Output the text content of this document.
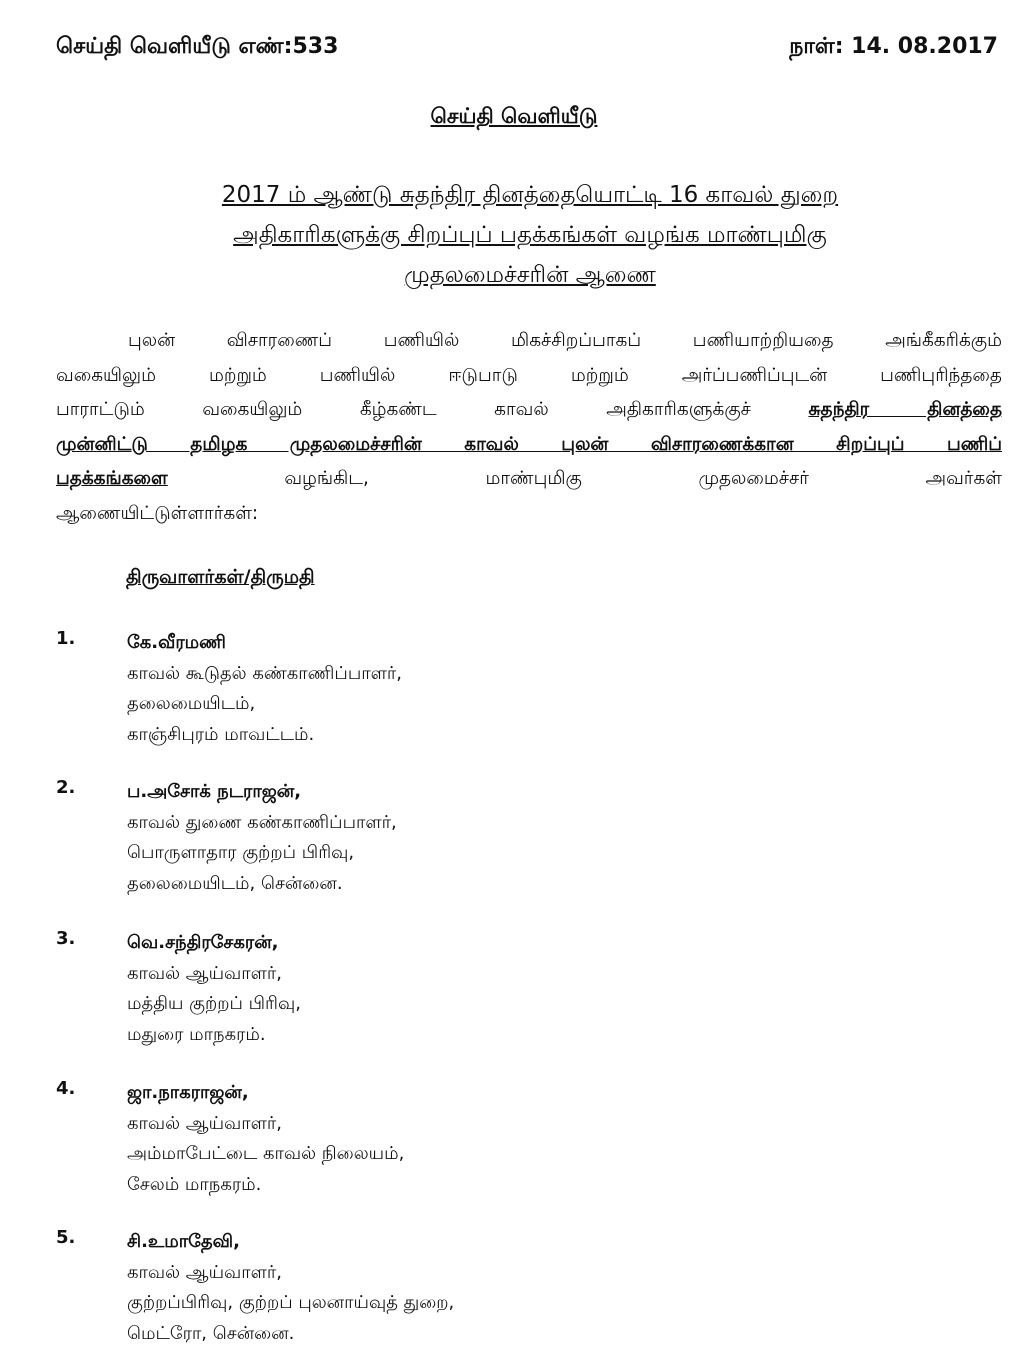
செய்தி வெளியீடு எண்:533	நாள்: 14. 08.2017
செய்தி வெளியீடு
2017 ம் ஆண்டு சுதந்திர தினத்தையொட்டி 16 காவல் துறை
அதிகாரிகளுக்கு சிறப்புப் பதக்கங்கள் வழங்க மாண்புமிகு
முதலமைச்சரின் ஆணை
புலன் விசாரணைப் பணியில் மிகச்சிறப்பாகப் பணியாற்றியதை அங்கீகரிக்கும்
வகையிலும் மற்றும் பணியில் ஈடுபாடு மற்றும் அர்ப்பணிப்புடன் பணிபுரிந்ததை
பாராட்டும் வகையிலும் கீழ்கண்ட காவல் அதிகாரிகளுக்குச்	சுதந்திர தினத்தை
முன்னிட்டு தமிழக முதலமைச்சரின் காவல் புலன் விசாரணைக்கான சிறப்புப் பணிப்
பதக்கங்களை	வழங்கிட, மாண்புமிகு முதலமைச்சர் அவர்கள்
ஆணையிட்டுள்ளார்கள்:
திருவாளர்கள்/திருமதி
1.	கே.வீரமணி
காவல் கூடுதல் கண்காணிப்பாளர்,
தலைமையிடம்,
காஞ்சிபுரம் மாவட்டம்.
2.	ப.அசோக் நடராஜன்,
காவல் துணை கண்காணிப்பாளர்,
பொருளாதார குற்றப் பிரிவு,
தலைமையிடம், சென்னை.
3.	வெ.சந்திரசேகரன்,
காவல் ஆய்வாளர்,
மத்திய குற்றப் பிரிவு,
மதுரை மாநகரம்.
4.	ஜா.நாகராஜன்,
காவல் ஆய்வாளர்,
அம்மாபேட்டை காவல் நிலையம்,
சேலம் மாநகரம்.
5.	சி.உமாதேவி,
காவல் ஆய்வாளர்,
குற்றப்பிரிவு, குற்றப் புலனாய்வுத் துறை,
மெட்ரோ, சென்னை.
